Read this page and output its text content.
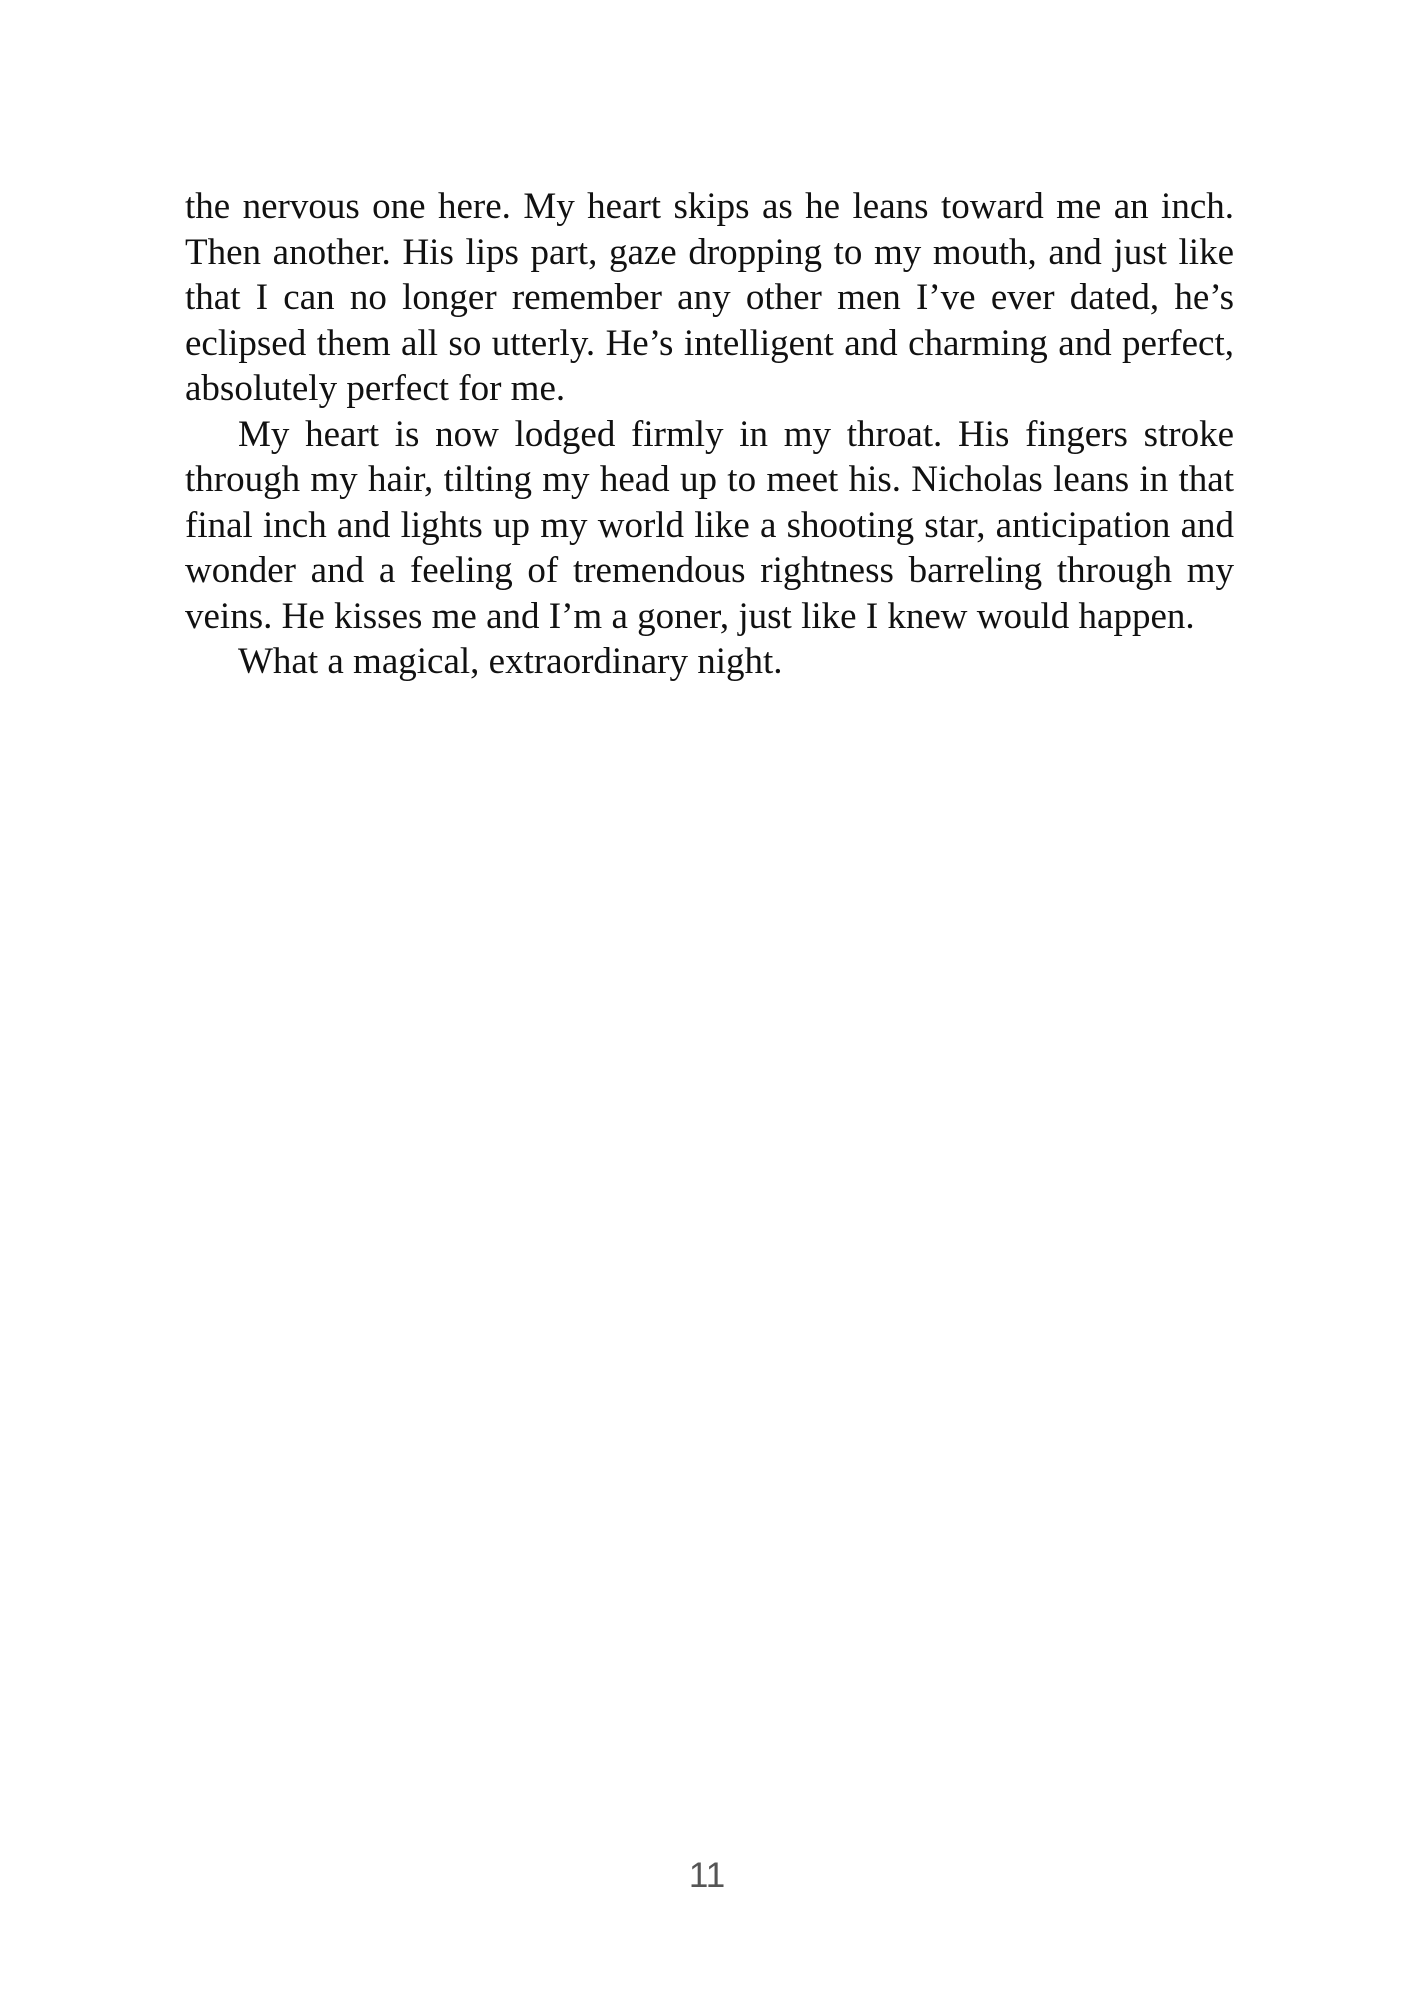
the nervous one here. My heart skips as he leans toward me an inch. Then another. His lips part, gaze dropping to my mouth, and just like that I can no longer remember any other men I’ve ever dated, he’s eclipsed them all so utterly. He’s intelligent and charming and perfect, absolutely perfect for me.

My heart is now lodged firmly in my throat. His fingers stroke through my hair, tilting my head up to meet his. Nicholas leans in that final inch and lights up my world like a shooting star, anticipation and wonder and a feeling of tremendous rightness barreling through my veins. He kisses me and I’m a goner, just like I knew would happen.

What a magical, extraordinary night.

11
